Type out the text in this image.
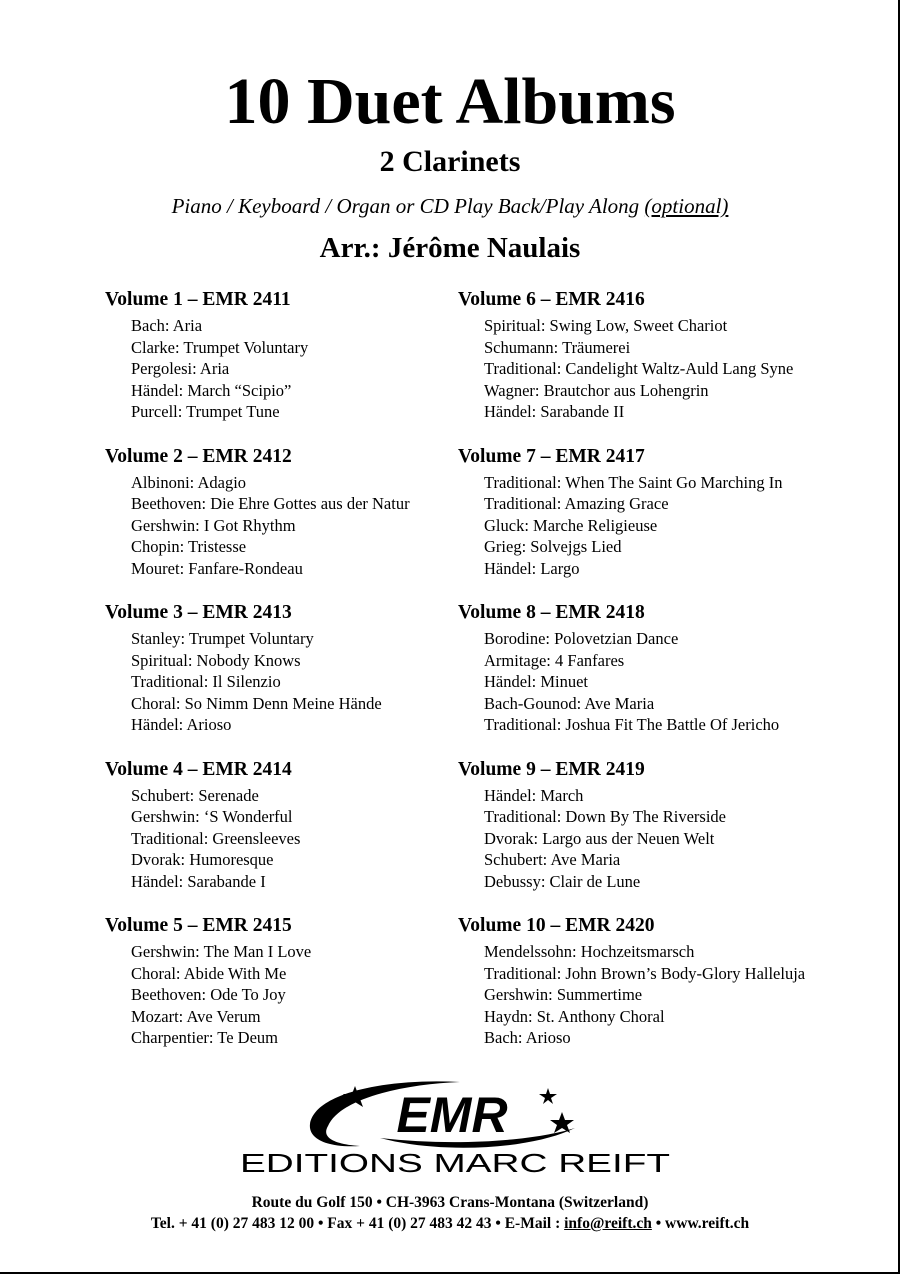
10 Duet Albums
2 Clarinets
Piano / Keyboard / Organ or CD Play Back/Play Along (optional)
Arr.: Jérôme Naulais
Volume 1 – EMR 2411
Bach: Aria
Clarke: Trumpet Voluntary
Pergolesi: Aria
Händel: March “Scipio”
Purcell: Trumpet Tune
Volume 2 – EMR 2412
Albinoni: Adagio
Beethoven: Die Ehre Gottes aus der Natur
Gershwin: I Got Rhythm
Chopin: Tristesse
Mouret: Fanfare-Rondeau
Volume 3 – EMR 2413
Stanley: Trumpet Voluntary
Spiritual: Nobody Knows
Traditional: Il Silenzio
Choral: So Nimm Denn Meine Hände
Händel: Arioso
Volume 4 – EMR 2414
Schubert: Serenade
Gershwin: ‘S Wonderful
Traditional: Greensleeves
Dvorak: Humoresque
Händel: Sarabande I
Volume 5 – EMR 2415
Gershwin: The Man I Love
Choral: Abide With Me
Beethoven: Ode To Joy
Mozart: Ave Verum
Charpentier: Te Deum
Volume 6 – EMR 2416
Spiritual: Swing Low, Sweet Chariot
Schumann: Träumerei
Traditional: Candelight Waltz-Auld Lang Syne
Wagner: Brautchor aus Lohengrin
Händel: Sarabande II
Volume 7 – EMR 2417
Traditional: When The Saint Go Marching In
Traditional: Amazing Grace
Gluck: Marche Religieuse
Grieg: Solvejgs Lied
Händel: Largo
Volume 8 – EMR 2418
Borodine: Polovetzian Dance
Armitage: 4 Fanfares
Händel: Minuet
Bach-Gounod: Ave Maria
Traditional: Joshua Fit The Battle Of Jericho
Volume 9 – EMR 2419
Händel: March
Traditional: Down By The Riverside
Dvorak: Largo aus der Neuen Welt
Schubert: Ave Maria
Debussy: Clair de Lune
Volume 10 – EMR 2420
Mendelssohn: Hochzeitsmarsch
Traditional: John Brown’s Body-Glory Halleluja
Gershwin: Summertime
Haydn: St. Anthony Choral
Bach: Arioso
EMR
EDITIONS MARC REIFT
Route du Golf 150 • CH-3963 Crans-Montana (Switzerland)
Tel. + 41 (0) 27 483 12 00 • Fax + 41 (0) 27 483 42 43 • E-Mail : info@reift.ch • www.reift.ch
